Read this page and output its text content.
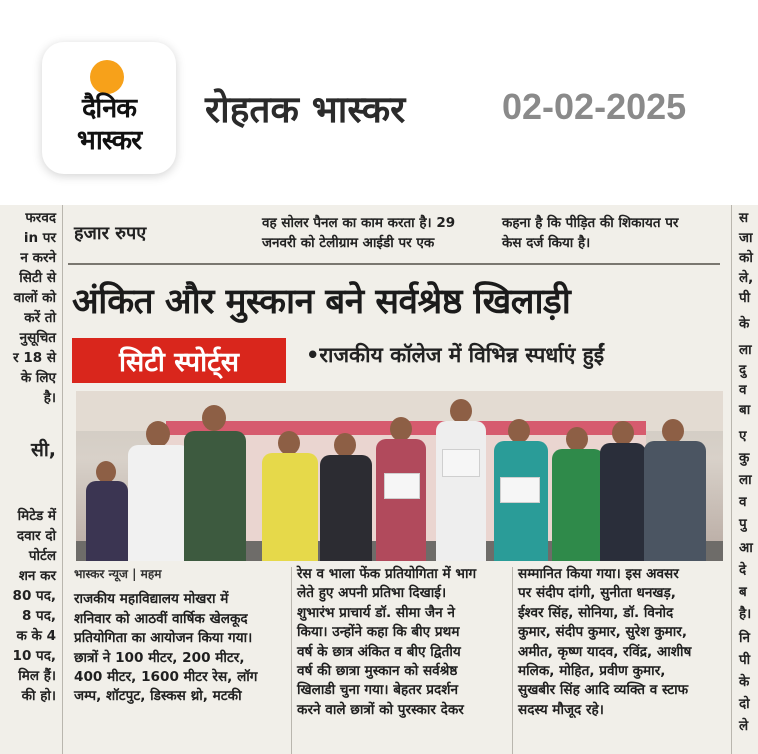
दैनिक
भास्कर
रोहतक भास्कर	02-02-2025
फरवद
in पर
न करने
सिटी से
वालों को
करें तो
नुसूचित
र 18 से
के लिए
है।
सी,
मिटेड में
दवार दो
पोर्टल
शन कर
80 पद,
8 पद,
क के 4
10 पद,
मिल हैं।
की हो।
स
जा
को
ले,
पी
के
ला
दु
व
बा
ए
कु
ला
व
पु
आ
दे
ब
है।
नि
पी
के
दो
ले
हजार रुपए	वह सोलर पैनल का काम करता है। 29
जनवरी को टेलीग्राम आईडी पर एक
कहना है कि पीड़ित की शिकायत पर
केस दर्ज किया है।
अंकित और मुस्कान बने सर्वश्रेष्ठ खिलाड़ी
सिटी स्पोर्ट्स	•राजकीय कॉलेज में विभिन्न स्पर्धाएं हुईं
भास्कर न्यूज | महम
राजकीय महाविद्यालय मोखरा में
शनिवार को आठवीं वार्षिक खेलकूद
प्रतियोगिता का आयोजन किया गया।
छात्रों ने 100 मीटर, 200 मीटर,
400 मीटर, 1600 मीटर रेस, लॉग
जम्प, शॉटपुट, डिस्कस थ्रो, मटकी
रेस व भाला फेंक प्रतियोगिता में भाग
लेते हुए अपनी प्रतिभा दिखाई।
शुभारंभ प्राचार्य डॉ. सीमा जैन ने
किया। उन्होंने कहा कि बीए प्रथम
वर्ष के छात्र अंकित व बीए द्वितीय
वर्ष की छात्रा मुस्कान को सर्वश्रेष्ठ
खिलाडी चुना गया। बेहतर प्रदर्शन
करने वाले छात्रों को पुरस्कार देकर
सम्मानित किया गया। इस अवसर
पर संदीप दांगी, सुनीता धनखड़,
ईश्वर सिंह, सोनिया, डॉ. विनोद
कुमार, संदीप कुमार, सुरेश कुमार,
अमीत, कृष्ण यादव, रविंद्र, आशीष
मलिक, मोहित, प्रवीण कुमार,
सुखबीर सिंह आदि व्यक्ति व स्टाफ
सदस्य मौजूद रहे।
